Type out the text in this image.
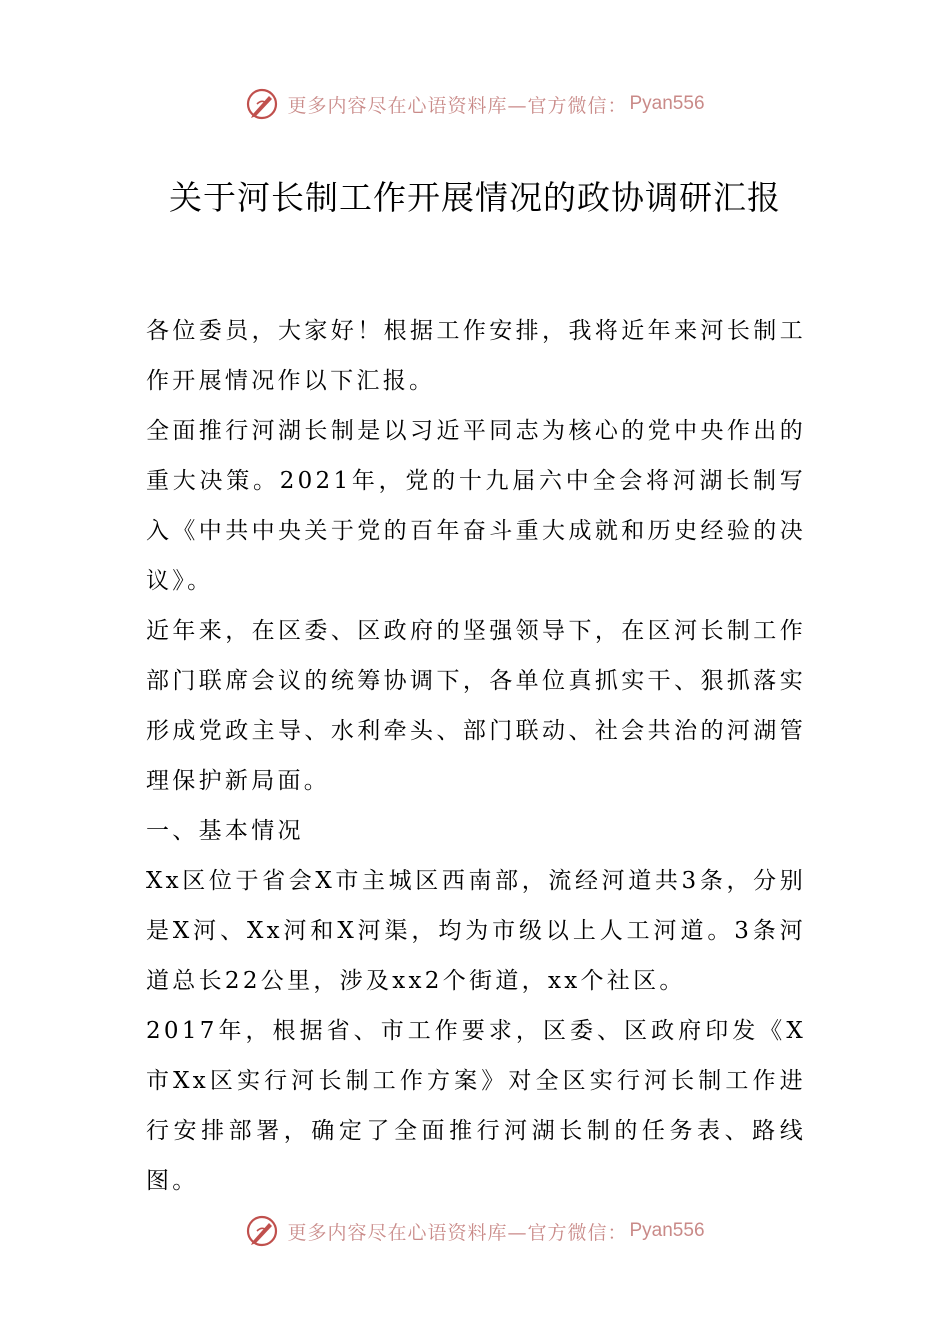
更多内容尽在心语资料库—官方微信： Pyan556
关于河长制工作开展情况的政协调研汇报

各位委员，大家好！根据工作安排，我将近年来河长制工作开展情况作以下汇报。

全面推行河湖长制是以习近平同志为核心的党中央作出的重大决策。2021年，党的十九届六中全会将河湖长制写入《中共中央关于党的百年奋斗重大成就和历史经验的决议》。

近年来，在区委、区政府的坚强领导下，在区河长制工作部门联席会议的统筹协调下，各单位真抓实干、狠抓落实形成党政主导、水利牵头、部门联动、社会共治的河湖管理保护新局面。

一、基本情况

Xx区位于省会X市主城区西南部，流经河道共3条，分别是X河、Xx河和X河渠，均为市级以上人工河道。3条河道总长22公里，涉及xx2个街道，xx个社区。

2017年，根据省、市工作要求，区委、区政府印发《X市Xx区实行河长制工作方案》对全区实行河长制工作进行安排部署，确定了全面推行河湖长制的任务表、路线图。

更多内容尽在心语资料库—官方微信： Pyan556
